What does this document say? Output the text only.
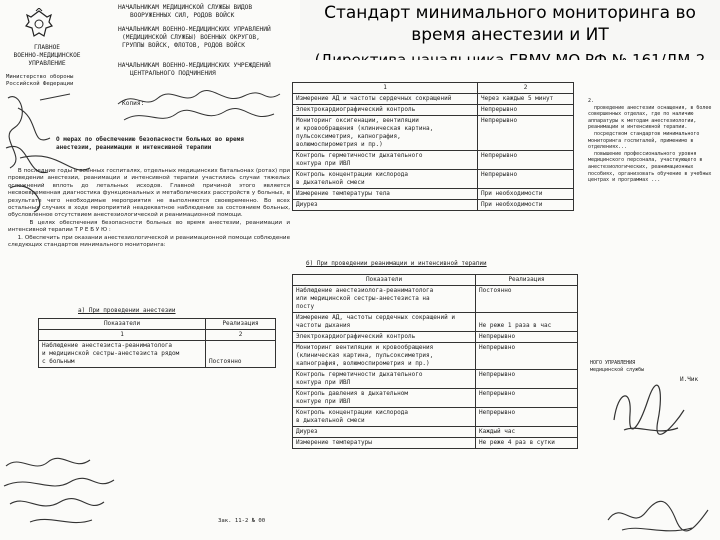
ГЛАВНОЕ
ВОЕННО-МЕДИЦИНСКОЕ
УПРАВЛЕНИЕ
Министерство обороны
Российской Федерации
НАЧАЛЬНИКАМ МЕДИЦИНСКОЙ СЛУЖБЫ ВИДОВ
ВООРУЖЕННЫХ СИЛ, РОДОВ ВОЙСК
НАЧАЛЬНИКАМ ВОЕННО-МЕДИЦИНСКИХ УПРАВЛЕНИЙ
(МЕДИЦИНСКОЙ СЛУЖБЫ) ВОЕННЫХ ОКРУГОВ,
ГРУППЫ ВОЙСК, ФЛОТОВ, РОДОВ ВОЙСК
НАЧАЛЬНИКАМ ВОЕННО-МЕДИЦИНСКИХ УЧРЕЖДЕНИЙ
ЦЕНТРАЛЬНОГО ПОДЧИНЕНИЯ
Копия:
О мерах по обеспечению безопасности больных во время
анестезии, реанимации и интенсивной терапии
В последние годы в военных госпиталях, отдельных медицинских батальонах (ротах) при проведении анестезии, реанимации и интенсивной терапии участились случаи тяжелых осложнений вплоть до летальных исходов. Главной причиной этого является несвоевременная диагностика функциональных и метаболических расстройств у больных, в результате чего необходимые мероприятия не выполняются своевременно. Во всех остальных случаях в ходе мероприятий неадекватное наблюдение за состоянием больных, обусловленное отсутствием анестезиологической и реанимационной помощи.
В целях обеспечения безопасности больных во время анестезии, реанимации и интенсивной терапии Т Р Е Б У Ю :
1. Обеспечить при оказании анестезиологической и реанимационной помощи соблюдение следующих стандартов минимального мониторинга:
а) При проведении анестезии
Показатели	Реализация
1	2
Наблюдение анестезиста-реаниматолога
и медицинской сестры-анестезиста рядом
с больным	Постоянно
Зак. 11-2 № 00
Стандарт минимального мониторинга во
время анестезии и ИТ
1	2
Измерение АД и частоты сердечных сокращений	Через каждые 5 минут
Электрокардиографический контроль	Непрерывно
Мониторинг оксигенации, вентиляции
и кровообращения (клиническая картина, пульсоксиметрия, капнография,
волюмоспирометрия и пр.)	Непрерывно
Контроль герметичности дыхательного
контура при ИВЛ	Непрерывно
Контроль концентрации кислорода
в дыхательной смеси	Непрерывно
Измерение температуры тела	При необходимости
Диурез	При необходимости
б) При проведении реанимации и интенсивной терапии
Показатели	Реализация
Наблюдение анестезиолога-реаниматолога
или медицинской сестры-анестезиста на
посту	Постоянно
Измерение АД, частоты сердечных сокращений и частоты дыхания	Не реже 1 раза в час
Электрокардиографический контроль	Непрерывно
Мониторинг вентиляции и кровообращения
(клиническая картина, пульсоксиметрия,
капнография, волюмоспирометрия и пр.)	Непрерывно
Контроль герметичности дыхательного
контура при ИВЛ	Непрерывно
Контроль давления в дыхательном
контуре при ИВЛ	Непрерывно
Контроль концентрации кислорода
в дыхательной смеси	Непрерывно
Диурез	Каждый час
Измерение температуры	Не реже 4 раз в сутки
2.
проведение анестезии оснащения, в более совершенных отделах, где по наличию аппаратуры к методам анестезиологии, реанимации и интенсивной терапии.
посредством стандартов минимального мониторинга госпиталей, применимо в отделениях...
повышение профессионального уровня медицинского персонала, участвующего в анестезиологических, реанимационных пособиях, организовать обучение в учебных центрах и программах ...
НОГО УПРАВЛЕНИЯ
медицинской службы
И.Чик
